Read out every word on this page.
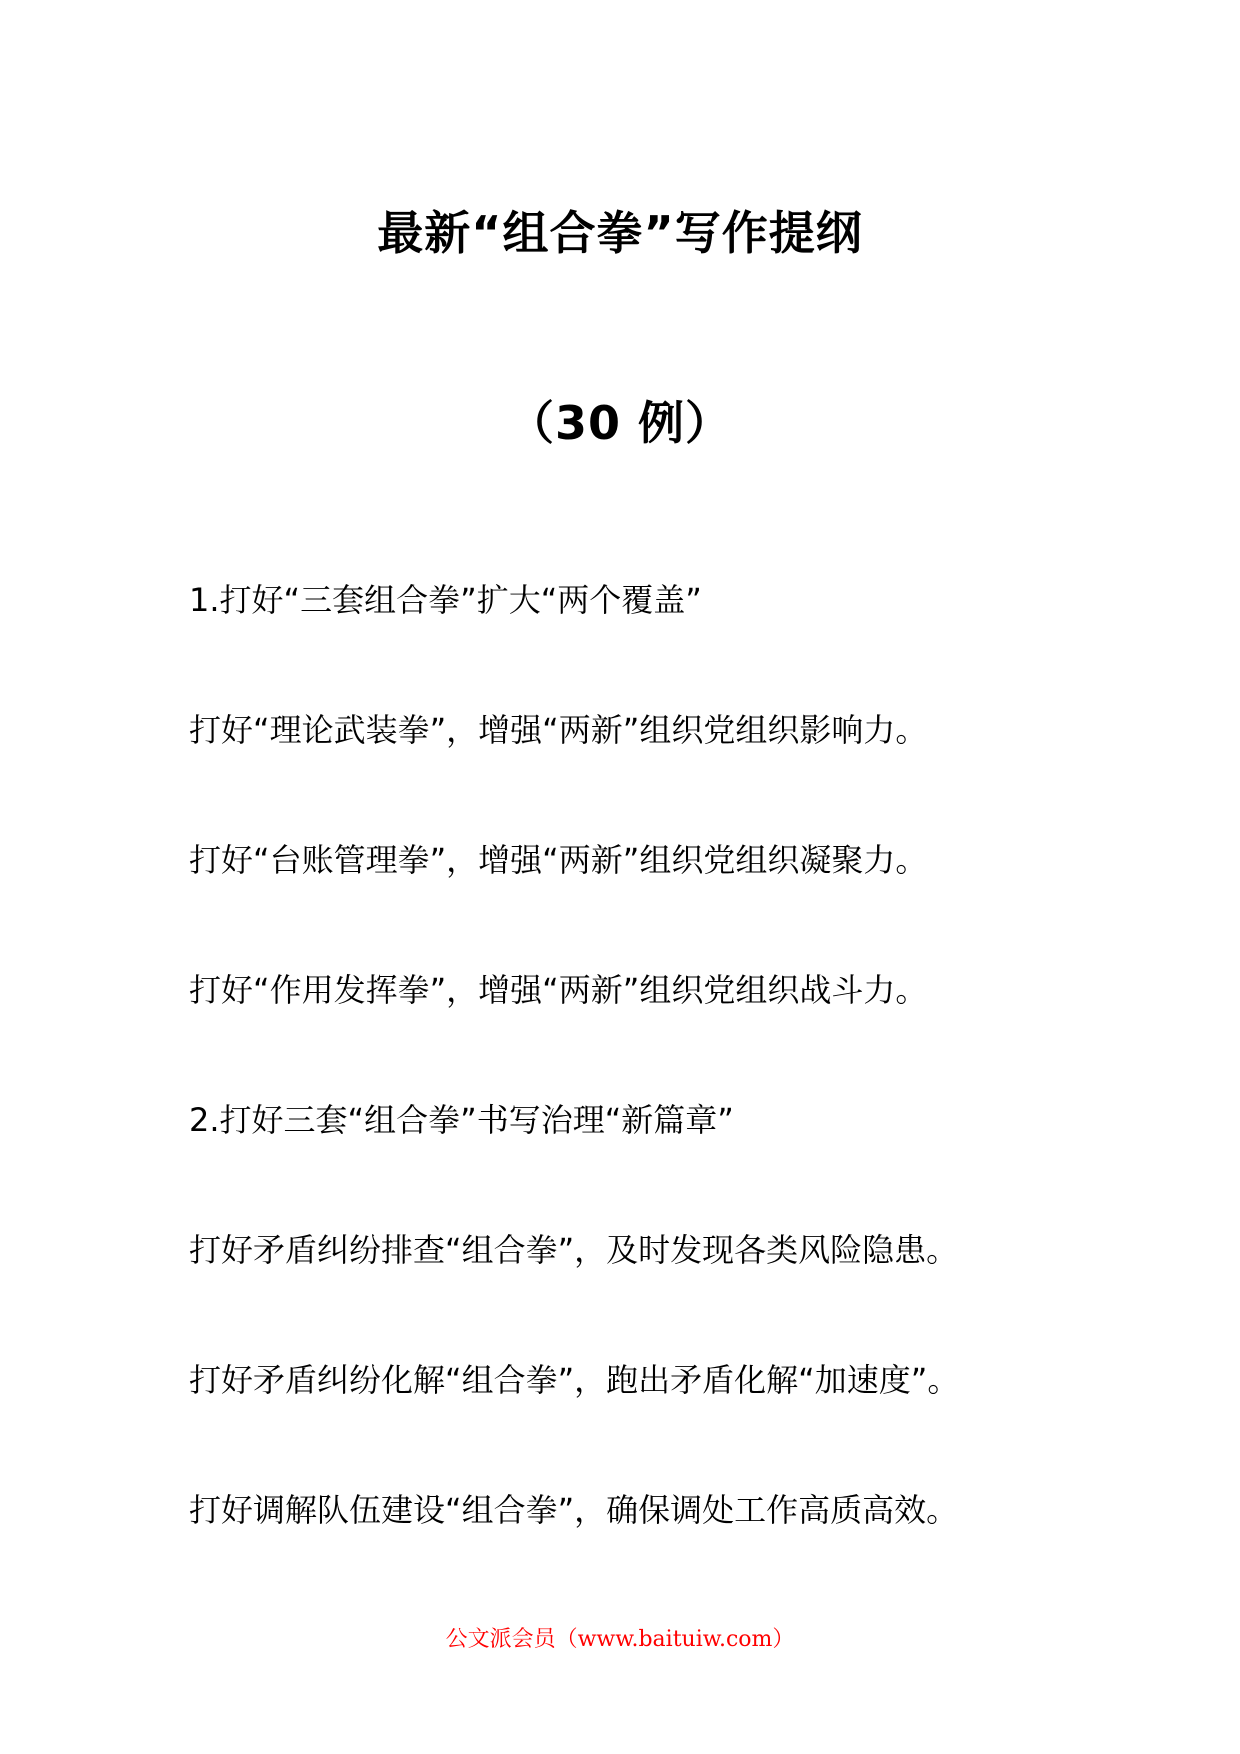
最新“组合拳”写作提纲
（30 例）
1.打好“三套组合拳”扩大“两个覆盖”
打好“理论武装拳”，增强“两新”组织党组织影响力。
打好“台账管理拳”，增强“两新”组织党组织凝聚力。
打好“作用发挥拳”，增强“两新”组织党组织战斗力。
2.打好三套“组合拳”书写治理“新篇章”
打好矛盾纠纷排查“组合拳”，及时发现各类风险隐患。
打好矛盾纠纷化解“组合拳”，跑出矛盾化解“加速度”。
打好调解队伍建设“组合拳”，确保调处工作高质高效。
公文派会员（www.baituiw.com）
